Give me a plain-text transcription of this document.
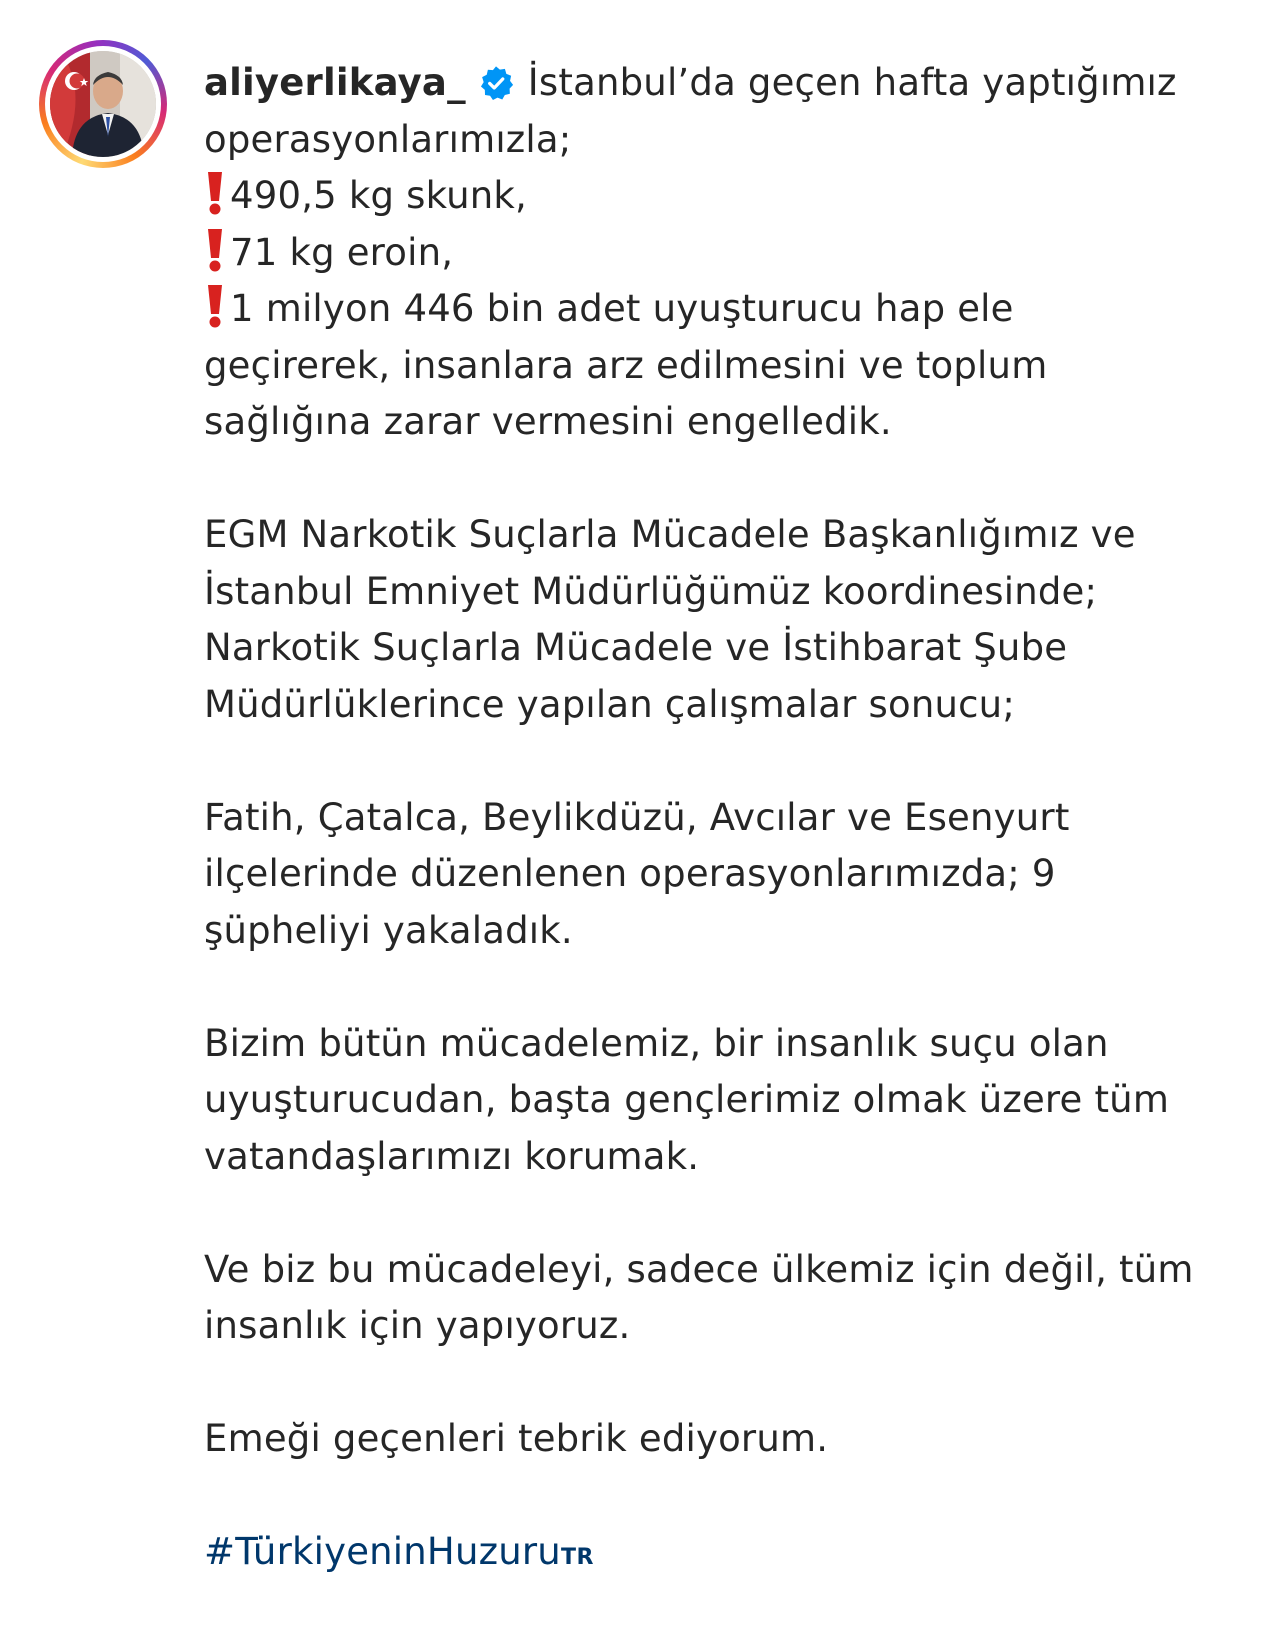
aliyerlikaya_ İstanbul’da geçen hafta yaptığımız
operasyonlarımızla;
490,5 kg skunk,
71 kg eroin,
1 milyon 446 bin adet uyuşturucu hap ele
geçirerek, insanlara arz edilmesini ve toplum
sağlığına zarar vermesini engelledik.
EGM Narkotik Suçlarla Mücadele Başkanlığımız ve
İstanbul Emniyet Müdürlüğümüz koordinesinde;
Narkotik Suçlarla Mücadele ve İstihbarat Şube
Müdürlüklerince yapılan çalışmalar sonucu;
Fatih, Çatalca, Beylikdüzü, Avcılar ve Esenyurt
ilçelerinde düzenlenen operasyonlarımızda; 9
şüpheliyi yakaladık.
Bizim bütün mücadelemiz, bir insanlık suçu olan
uyuşturucudan, başta gençlerimiz olmak üzere tüm
vatandaşlarımızı korumak.
Ve biz bu mücadeleyi, sadece ülkemiz için değil, tüm
insanlık için yapıyoruz.
Emeği geçenleri tebrik ediyorum.
#TürkiyeninHuzuruTR
